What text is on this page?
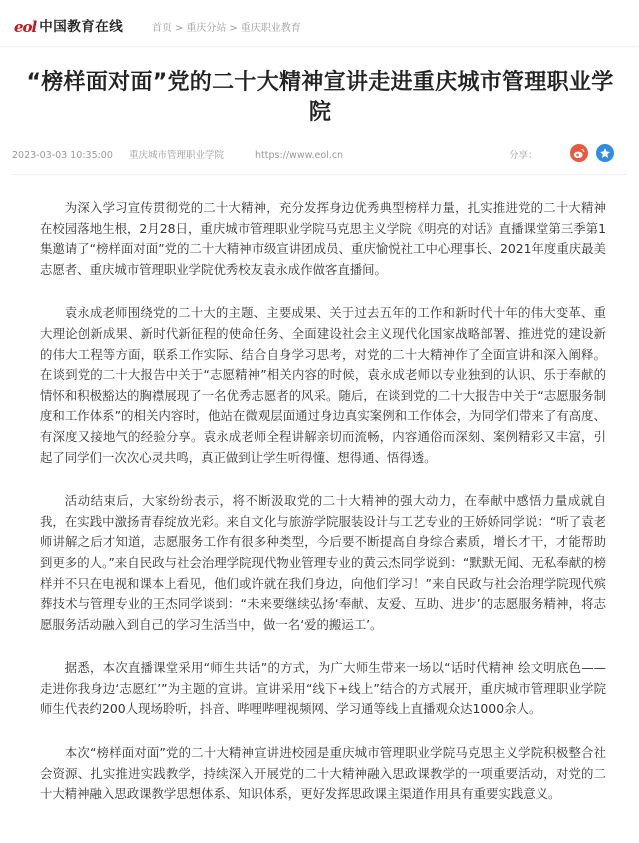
eol 中国教育在线	首页 > 重庆分站 > 重庆职业教育
“榜样面对面”党的二十大精神宣讲走进重庆城市管理职业学院
2023-03-03 10:35:00 重庆城市管理职业学院	https://www.eol.cn	分享：

为深入学习宣传贯彻党的二十大精神，充分发挥身边优秀典型榜样力量，扎实推进党的二十大精神在校园落地生根，2月28日，重庆城市管理职业学院马克思主义学院《明亮的对话》直播课堂第三季第1集邀请了“榜样面对面”党的二十大精神市级宣讲团成员、重庆愉悦社工中心理事长、2021年度重庆最美志愿者、重庆城市管理职业学院优秀校友袁永成作做客直播间。

袁永成老师围绕党的二十大的主题、主要成果、关于过去五年的工作和新时代十年的伟大变革、重大理论创新成果、新时代新征程的使命任务、全面建设社会主义现代化国家战略部署、推进党的建设新的伟大工程等方面，联系工作实际、结合自身学习思考，对党的二十大精神作了全面宣讲和深入阐释。在谈到党的二十大报告中关于“志愿精神”相关内容的时候，袁永成老师以专业独到的认识、乐于奉献的情怀和积极豁达的胸襟展现了一名优秀志愿者的风采。随后，在谈到党的二十大报告中关于“志愿服务制度和工作体系”的相关内容时，他站在微观层面通过身边真实案例和工作体会，为同学们带来了有高度、有深度又接地气的经验分享。袁永成老师全程讲解亲切而流畅，内容通俗而深刻、案例精彩又丰富，引起了同学们一次次心灵共鸣，真正做到让学生听得懂、想得通、悟得透。

活动结束后，大家纷纷表示，将不断汲取党的二十大精神的强大动力，在奉献中感悟力量成就自我，在实践中激扬青春绽放光彩。来自文化与旅游学院服装设计与工艺专业的王娇娇同学说：“听了袁老师讲解之后才知道，志愿服务工作有很多种类型，今后要不断提高自身综合素质，增长才干，才能帮助到更多的人。”来自民政与社会治理学院现代物业管理专业的黄云杰同学说到：“默默无闻、无私奉献的榜样并不只在电视和课本上看见，他们或许就在我们身边，向他们学习！”来自民政与社会治理学院现代殡葬技术与管理专业的王杰同学谈到：“未来要继续弘扬‘奉献、友爱、互助、进步’的志愿服务精神，将志愿服务活动融入到自己的学习生活当中，做一名‘爱的搬运工’。

据悉，本次直播课堂采用“师生共话”的方式，为广大师生带来一场以“话时代精神 绘文明底色——走进你我身边‘志愿红’”为主题的宣讲。宣讲采用“线下+线上”结合的方式展开，重庆城市管理职业学院师生代表约200人现场聆听，抖音、哔哩哔哩视频网、学习通等线上直播观众达1000余人。

本次“榜样面对面”党的二十大精神宣讲进校园是重庆城市管理职业学院马克思主义学院积极整合社会资源、扎实推进实践教学，持续深入开展党的二十大精神融入思政课教学的一项重要活动，对党的二十大精神融入思政课教学思想体系、知识体系，更好发挥思政课主渠道作用具有重要实践意义。
